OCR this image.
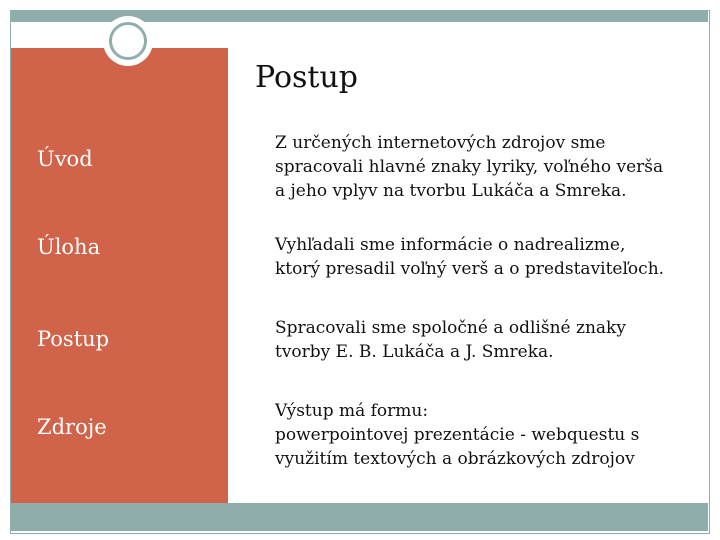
Postup
Úvod
Úloha
Postup
Zdroje
Z určených internetových zdrojov sme
spracovali hlavné znaky lyriky, voľného verša
a jeho vplyv na tvorbu Lukáča a Smreka.
Vyhľadali sme informácie o nadrealizme,
ktorý presadil voľný verš a o predstaviteľoch.
Spracovali sme spoločné a odlišné znaky
tvorby E. B. Lukáča a J. Smreka.
Výstup má formu:
powerpointovej prezentácie - webquestu s
využitím textových a obrázkových zdrojov
